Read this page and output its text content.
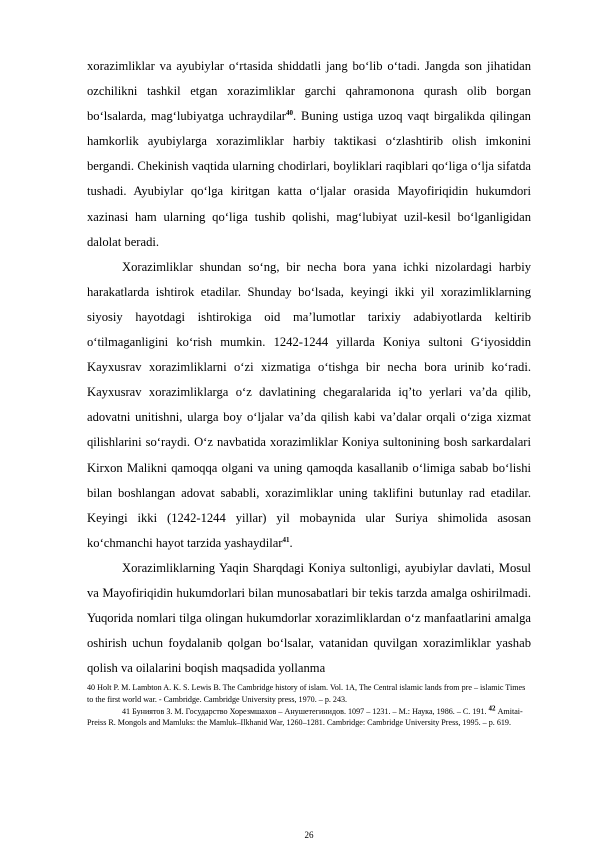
xorazimliklar va ayubiylar o‘rtasida shiddatli jang bo‘lib o‘tadi. Jangda son jihatidan ozchilikni tashkil etgan xorazimliklar garchi qahramonona qurash olib borgan bo‘lsalarda, mag‘lubiyatga uchraydilar$^{40}$. Buning ustiga uzoq vaqt birgalikda qilingan hamkorlik ayubiylarga xorazimliklar harbiy taktikasi o‘zlashtirib olish imkonini bergandi. Chekinish vaqtida ularning chodirlari, boyliklari raqiblari qo‘liga o‘lja sifatda tushadi. Ayubiylar qo‘lga kiritgan katta o‘ljalar orasida Mayofiriqidin hukumdori xazinasi ham ularning qo‘liga tushib qolishi, mag‘lubiyat uzil-kesil bo‘lganligidan dalolat beradi.

Xorazimliklar shundan so‘ng, bir necha bora yana ichki nizolardagi harbiy harakatlarda ishtirok etadilar. Shunday bo‘lsada, keyingi ikki yil xorazimliklarning siyosiy hayotdagi ishtirokiga oid ma’lumotlar tarixiy adabiyotlarda keltirib o‘tilmaganligini ko‘rish mumkin. 1242-1244 yillarda Koniya sultoni G‘iyosiddin Kayxusrav xorazimliklarni o‘zi xizmatiga o‘tishga bir necha bora urinib ko‘radi. Kayxusrav xorazimliklarga o‘z davlatining chegaralarida iq’to yerlari va’da qilib, adovatni unitishni, ularga boy o‘ljalar va’da qilish kabi va’dalar orqali o‘ziga xizmat qilishlarini so‘raydi. O‘z navbatida xorazimliklar Koniya sultonining bosh sarkardalari Kirxon Malikni qamoqqa olgani va uning qamoqda kasallanib o‘limiga sabab bo‘lishi bilan boshlangan adovat sababli, xorazimliklar uning taklifini butunlay rad etadilar. Keyingi ikki (1242-1244 yillar) yil mobaynida ular Suriya shimolida asosan ko‘chmanchi hayot tarzida yashaydilar$^{41}$.

Xorazimliklarning Yaqin Sharqdagi Koniya sultonligi, ayubiylar davlati, Mosul va Mayofiriqidin hukumdorlari bilan munosabatlari bir tekis tarzda amalga oshirilmadi. Yuqorida nomlari tilga olingan hukumdorlar xorazimliklardan o‘z manfaatlarini amalga oshirish uchun foydalanib qolgan bo‘lsalar, vatanidan quvilgan xorazimliklar yashab qolish va oilalarini boqish maqsadida yollanma

40 Holt P. M. Lambton A. K. S. Lewis B. The Cambridge history of islam. Vol. 1A, The Central islamic lands from pre – islamic Times to the first world war. - Cambridge. Cambridge University press, 1970. – p. 243.

41 Буниятов З. М. Государство Хорезмшахов – Анушетегинидов. 1097 – 1231. – М.: Наука, 1986. – С. 191. $^{42}$ Amitai-Preiss R. Mongols and Mamluks: the Mamluk–Ilkhanid War, 1260–1281. Cambridge: Cambridge University Press, 1995. – p. 619.

26
